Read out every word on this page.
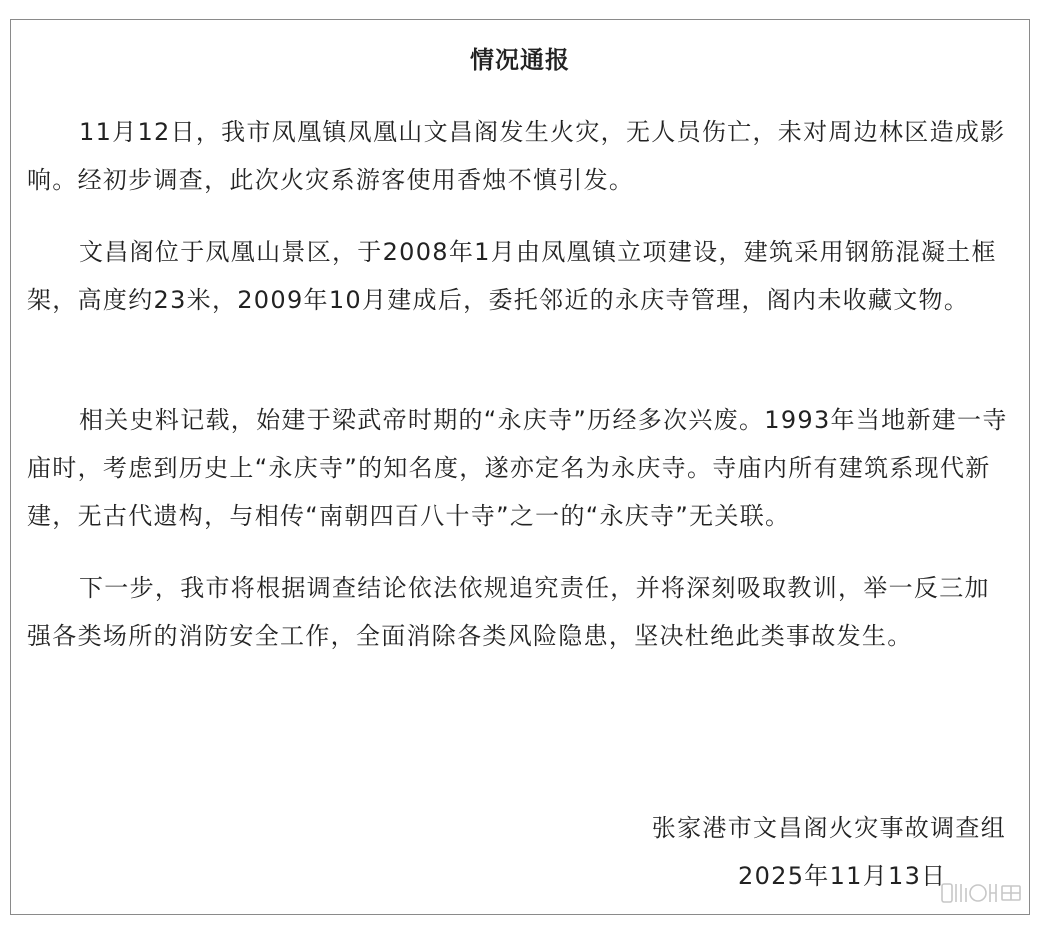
情况通报

11月12日，我市凤凰镇凤凰山文昌阁发生火灾，无人员伤亡，未对周边林区造成影响。经初步调查，此次火灾系游客使用香烛不慎引发。

文昌阁位于凤凰山景区，于2008年1月由凤凰镇立项建设，建筑采用钢筋混凝土框架，高度约23米，2009年10月建成后，委托邻近的永庆寺管理，阁内未收藏文物。

相关史料记载，始建于梁武帝时期的“永庆寺”历经多次兴废。1993年当地新建一寺庙时，考虑到历史上“永庆寺”的知名度，遂亦定名为永庆寺。寺庙内所有建筑系现代新建，无古代遗构，与相传“南朝四百八十寺”之一的“永庆寺”无关联。

下一步，我市将根据调查结论依法依规追究责任，并将深刻吸取教训，举一反三加强各类场所的消防安全工作，全面消除各类风险隐患，坚决杜绝此类事故发生。

张家港市文昌阁火灾事故调查组
2025年11月13日
